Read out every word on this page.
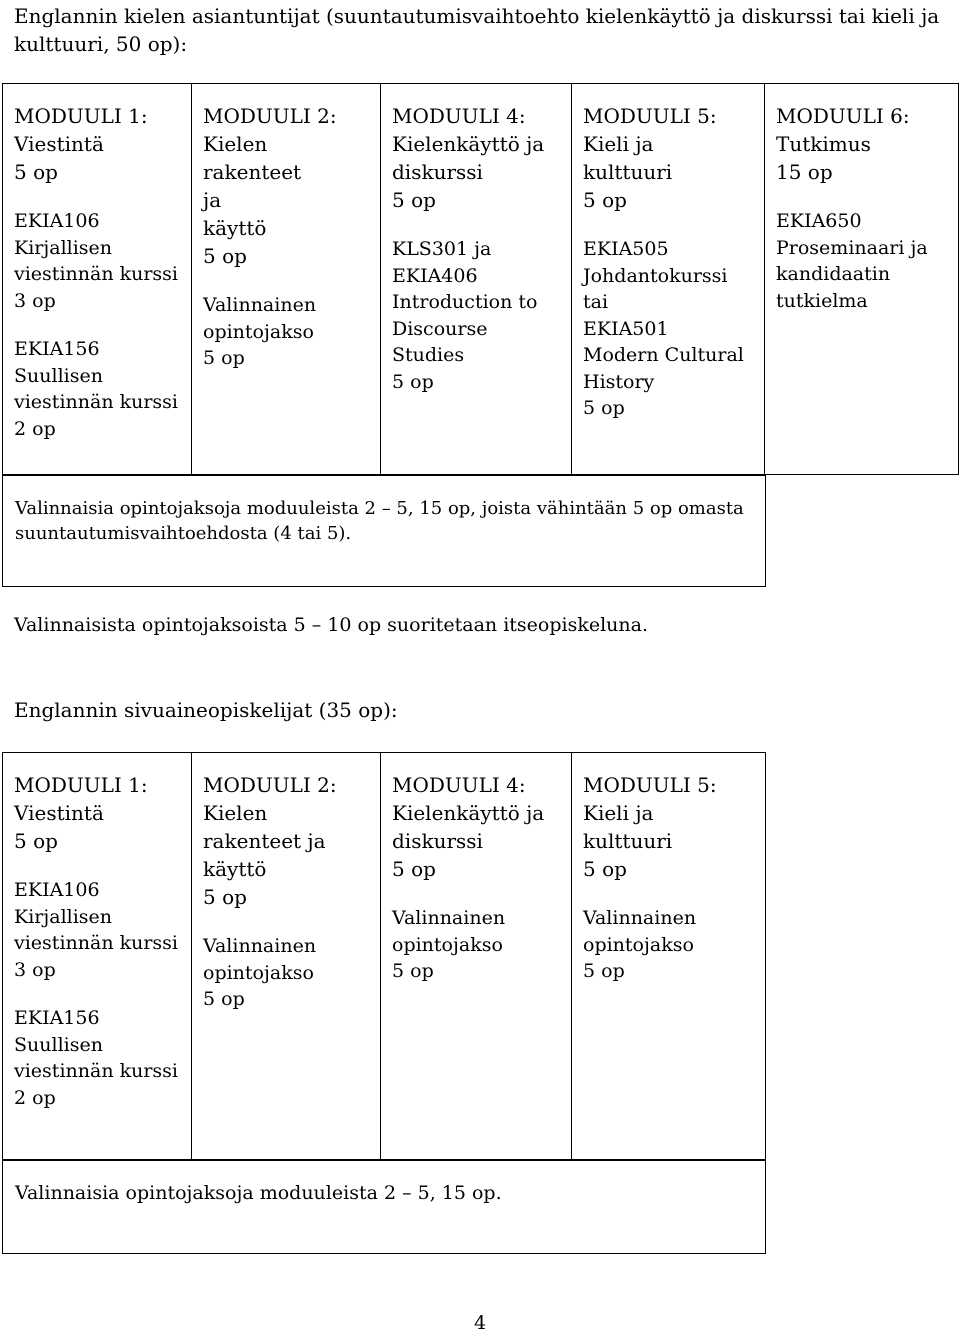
Englannin kielen asiantuntijat (suuntautumisvaihtoehto kielenkäyttö ja diskurssi tai kieli ja kulttuuri, 50 op):
MODUULI 1:
Viestintä
5 op
EKIA106
Kirjallisen
viestinnän kurssi
3 op
EKIA156
Suullisen
viestinnän kurssi
2 op

MODUULI 2:
Kielen rakenteet
ja
käyttö
5 op
Valinnainen
opintojakso
5 op

MODUULI 4:
Kielenkäyttö ja
diskurssi
5 op
KLS301 ja
EKIA406
Introduction to
Discourse Studies
5 op

MODUULI 5:
Kieli ja
kulttuuri
5 op
EKIA505
Johdantokurssi
tai
EKIA501
Modern Cultural
History
5 op

MODUULI 6:
Tutkimus
15 op
EKIA650
Proseminaari ja
kandidaatin
tutkielma
Valinnaisia opintojaksoja moduuleista 2 – 5, 15 op, joista vähintään 5 op omasta suuntautumisvaihtoehdosta (4 tai 5).
Valinnaisista opintojaksoista 5 – 10 op suoritetaan itseopiskeluna.
Englannin sivuaineopiskelijat (35 op):
MODUULI 1:
Viestintä
5 op
EKIA106
Kirjallisen
viestinnän kurssi
3 op
EKIA156
Suullisen
viestinnän kurssi
2 op

MODUULI 2:
Kielen
rakenteet ja
käyttö
5 op
Valinnainen
opintojakso
5 op

MODUULI 4:
Kielenkäyttö ja
diskurssi
5 op
Valinnainen
opintojakso
5 op

MODUULI 5:
Kieli ja
kulttuuri
5 op
Valinnainen
opintojakso
5 op
Valinnaisia opintojaksoja moduuleista 2 – 5, 15 op.
4
